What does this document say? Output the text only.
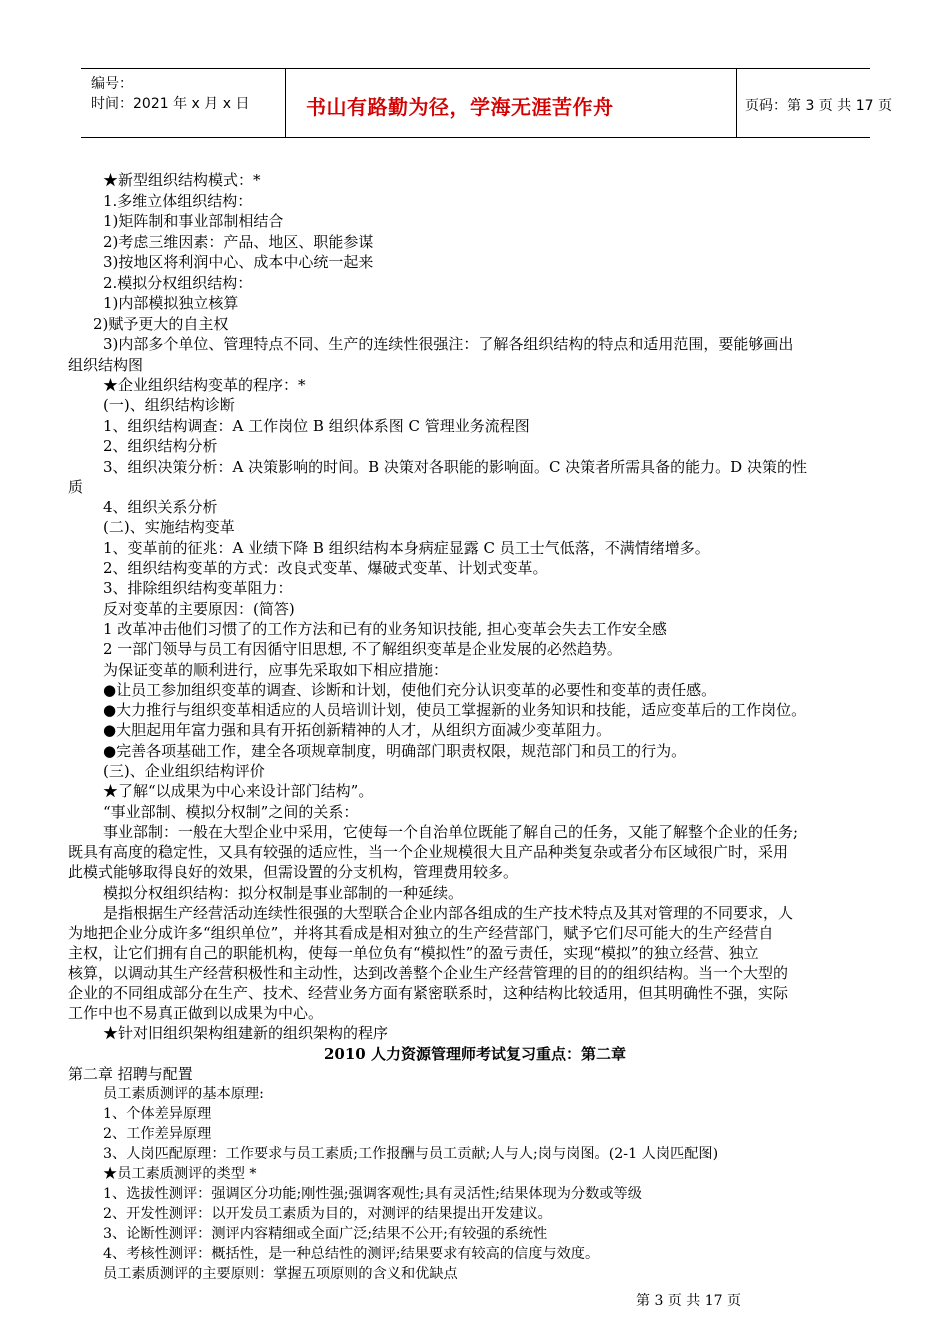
编号：
时间：2021 年 x 月 x 日	书山有路勤为径，学海无涯苦作舟	页码：第 3 页 共 17 页
★新型组织结构模式：*
1.多维立体组织结构：
1)矩阵制和事业部制相结合
2)考虑三维因素：产品、地区、职能参谋
3)按地区将利润中心、成本中心统一起来
2.模拟分权组织结构：
1)内部模拟独立核算
2)赋予更大的自主权
3)内部多个单位、管理特点不同、生产的连续性很强注：了解各组织结构的特点和适用范围，要能够画出
组织结构图
★企业组织结构变革的程序：*
(一)、组织结构诊断
1、组织结构调查：A 工作岗位 B 组织体系图 C 管理业务流程图
2、组织结构分析
3、组织决策分析：A 决策影响的时间。B 决策对各职能的影响面。C 决策者所需具备的能力。D 决策的性
质
4、组织关系分析
(二)、实施结构变革
1、变革前的征兆：A 业绩下降 B 组织结构本身病症显露 C 员工士气低落，不满情绪增多。
2、组织结构变革的方式：改良式变革、爆破式变革、计划式变革。
3、排除组织结构变革阻力：
反对变革的主要原因：(简答)
1 改革冲击他们习惯了的工作方法和已有的业务知识技能, 担心变革会失去工作安全感
2 一部门领导与员工有因循守旧思想, 不了解组织变革是企业发展的必然趋势。
为保证变革的顺利进行，应事先采取如下相应措施：
●让员工参加组织变革的调查、诊断和计划，使他们充分认识变革的必要性和变革的责任感。
●大力推行与组织变革相适应的人员培训计划，使员工掌握新的业务知识和技能，适应变革后的工作岗位。
●大胆起用年富力强和具有开拓创新精神的人才，从组织方面减少变革阻力。
●完善各项基础工作，建全各项规章制度，明确部门职责权限，规范部门和员工的行为。
(三)、企业组织结构评价
★了解“以成果为中心来设计部门结构”。
“事业部制、模拟分权制”之间的关系：
事业部制：一般在大型企业中采用，它使每一个自治单位既能了解自己的任务，又能了解整个企业的任务;
既具有高度的稳定性，又具有较强的适应性，当一个企业规模很大且产品种类复杂或者分布区域很广时，采用
此模式能够取得良好的效果，但需设置的分支机构，管理费用较多。
模拟分权组织结构：拟分权制是事业部制的一种延续。
是指根据生产经营活动连续性很强的大型联合企业内部各组成的生产技术特点及其对管理的不同要求，人
为地把企业分成许多“组织单位”，并将其看成是相对独立的生产经营部门，赋予它们尽可能大的生产经营自
主权，让它们拥有自己的职能机构，使每一单位负有“模拟性”的盈亏责任，实现“模拟”的独立经营、独立
核算，以调动其生产经营积极性和主动性，达到改善整个企业生产经营管理的目的的组织结构。当一个大型的
企业的不同组成部分在生产、技术、经营业务方面有紧密联系时，这种结构比较适用，但其明确性不强，实际
工作中也不易真正做到以成果为中心。
★针对旧组织架构组建新的组织架构的程序
2010 人力资源管理师考试复习重点：第二章
第二章 招聘与配置
员工素质测评的基本原理:
1、个体差异原理
2、工作差异原理
3、人岗匹配原理：工作要求与员工素质;工作报酬与员工贡献;人与人;岗与岗图。(2-1 人岗匹配图)
★员工素质测评的类型 *
1、选拔性测评：强调区分功能;刚性强;强调客观性;具有灵活性;结果体现为分数或等级
2、开发性测评：以开发员工素质为目的，对测评的结果提出开发建议。
3、论断性测评：测评内容精细或全面广泛;结果不公开;有较强的系统性
4、考核性测评：概括性，是一种总结性的测评;结果要求有较高的信度与效度。
员工素质测评的主要原则：掌握五项原则的含义和优缺点
第 3 页 共 17 页
